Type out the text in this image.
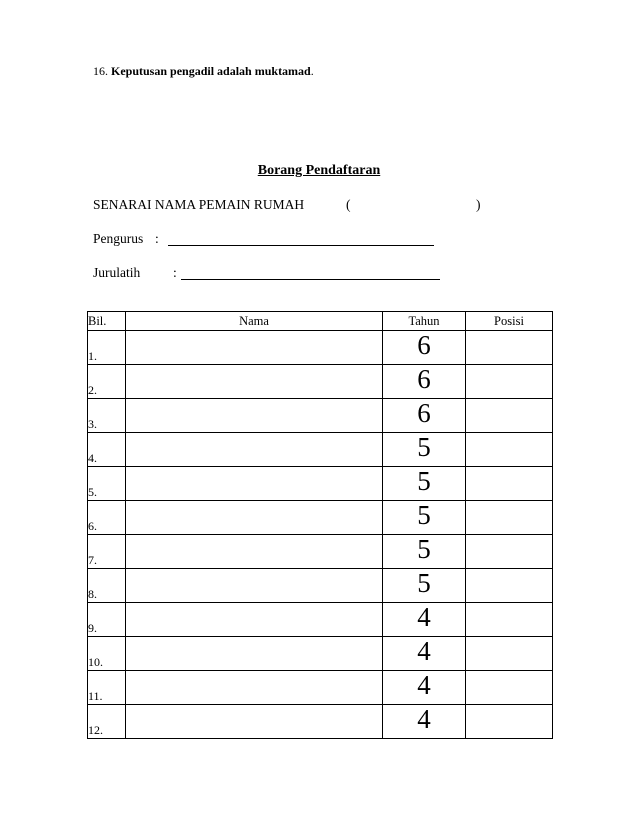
16. Keputusan pengadil adalah muktamad.
Borang Pendaftaran
SENARAI NAMA PEMAIN RUMAH	(	)
Pengurus :
Jurulatih :
Bil.	Nama	Tahun	Posisi
1.		6	
2.		6	
3.		6	
4.		5	
5.		5	
6.		5	
7.		5	
8.		5	
9.		4	
10.		4	
11.		4	
12.		4	
